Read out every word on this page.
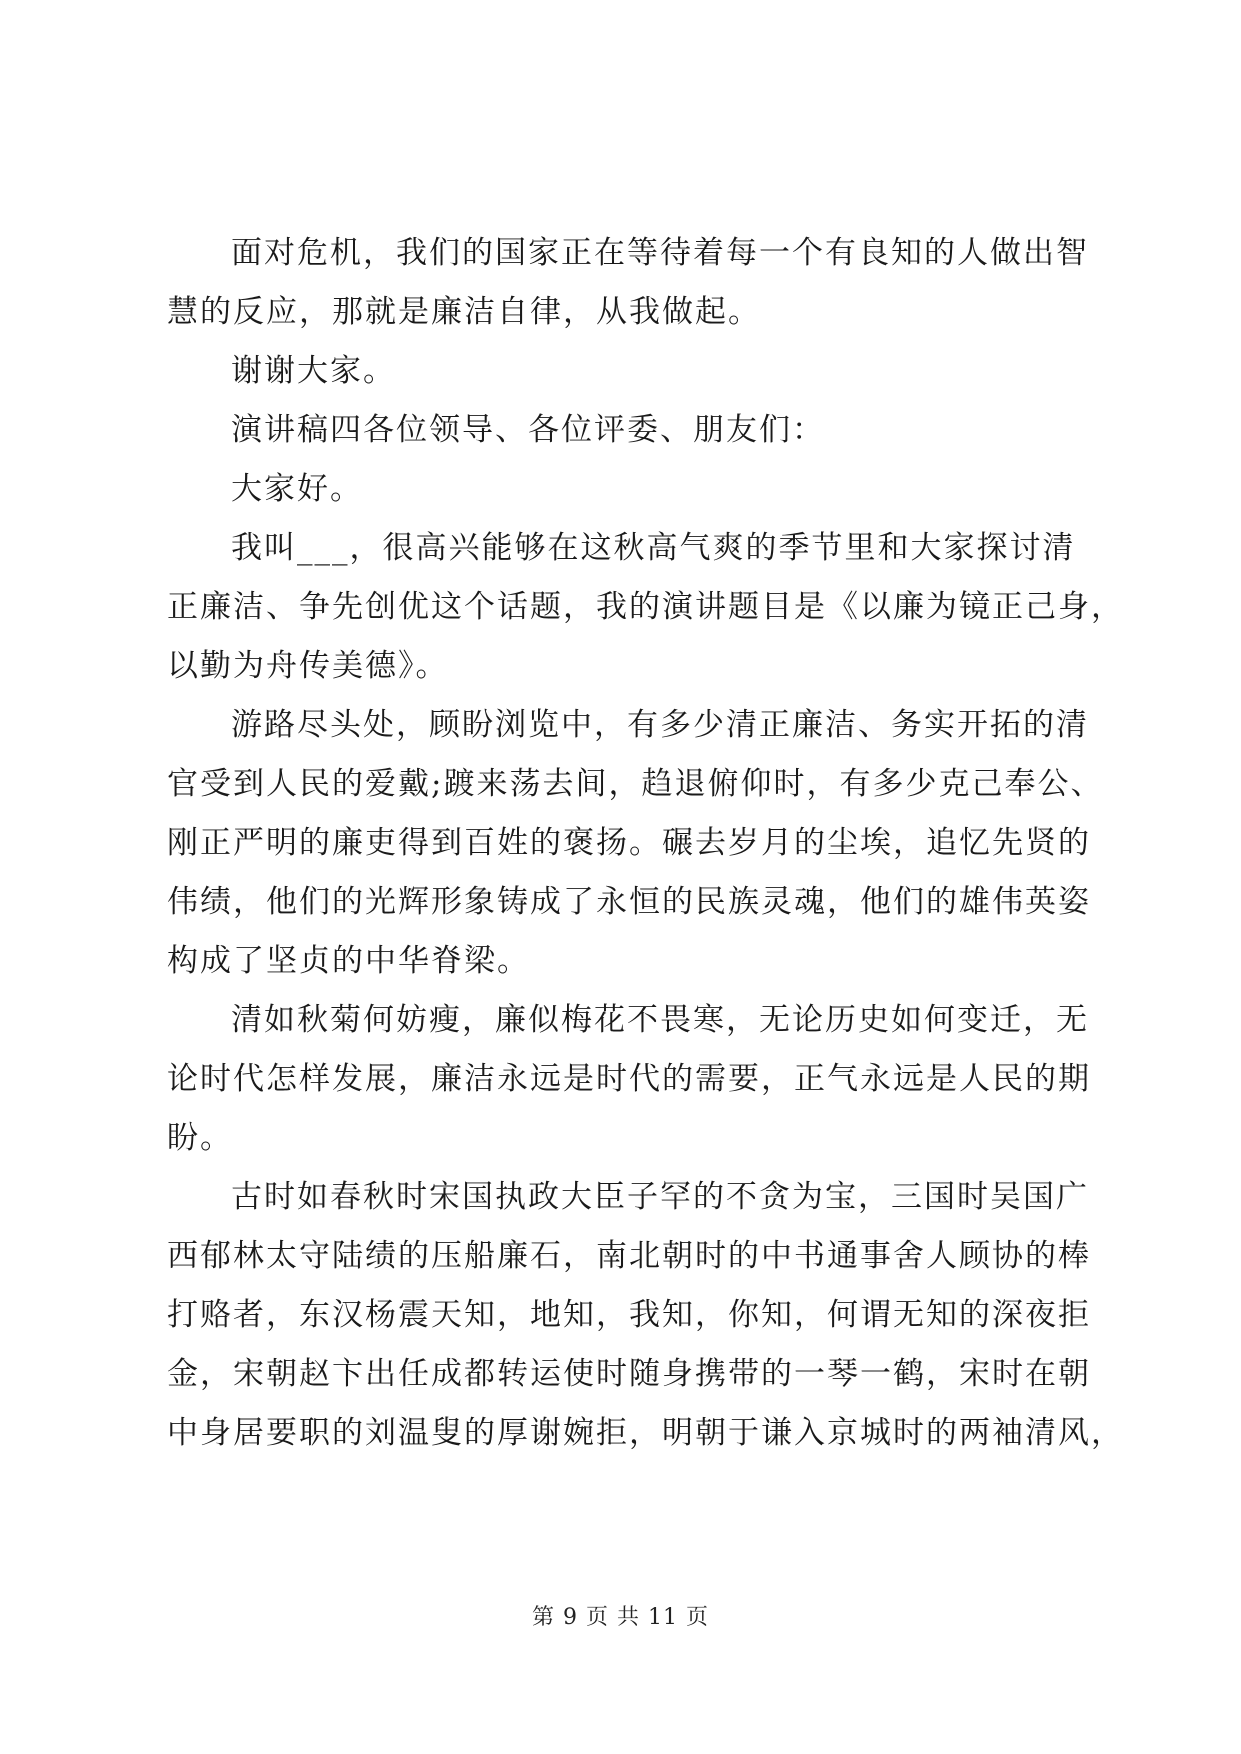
面对危机，我们的国家正在等待着每一个有良知的人做出智
慧的反应，那就是廉洁自律，从我做起。
谢谢大家。
演讲稿四各位领导、各位评委、朋友们：
大家好。
我叫___，很高兴能够在这秋高气爽的季节里和大家探讨清
正廉洁、争先创优这个话题，我的演讲题目是《以廉为镜正己身，
以勤为舟传美德》。
游路尽头处，顾盼浏览中，有多少清正廉洁、务实开拓的清
官受到人民的爱戴;踱来荡去间，趋退俯仰时，有多少克己奉公、
刚正严明的廉吏得到百姓的褒扬。碾去岁月的尘埃，追忆先贤的
伟绩，他们的光辉形象铸成了永恒的民族灵魂，他们的雄伟英姿
构成了坚贞的中华脊梁。
清如秋菊何妨瘦，廉似梅花不畏寒，无论历史如何变迁，无
论时代怎样发展，廉洁永远是时代的需要，正气永远是人民的期
盼。
古时如春秋时宋国执政大臣子罕的不贪为宝，三国时吴国广
西郁林太守陆绩的压船廉石，南北朝时的中书通事舍人顾协的棒
打赂者，东汉杨震天知，地知，我知，你知，何谓无知的深夜拒
金，宋朝赵卞出任成都转运使时随身携带的一琴一鹤，宋时在朝
中身居要职的刘温叟的厚谢婉拒，明朝于谦入京城时的两袖清风，
第 9 页 共 11 页
